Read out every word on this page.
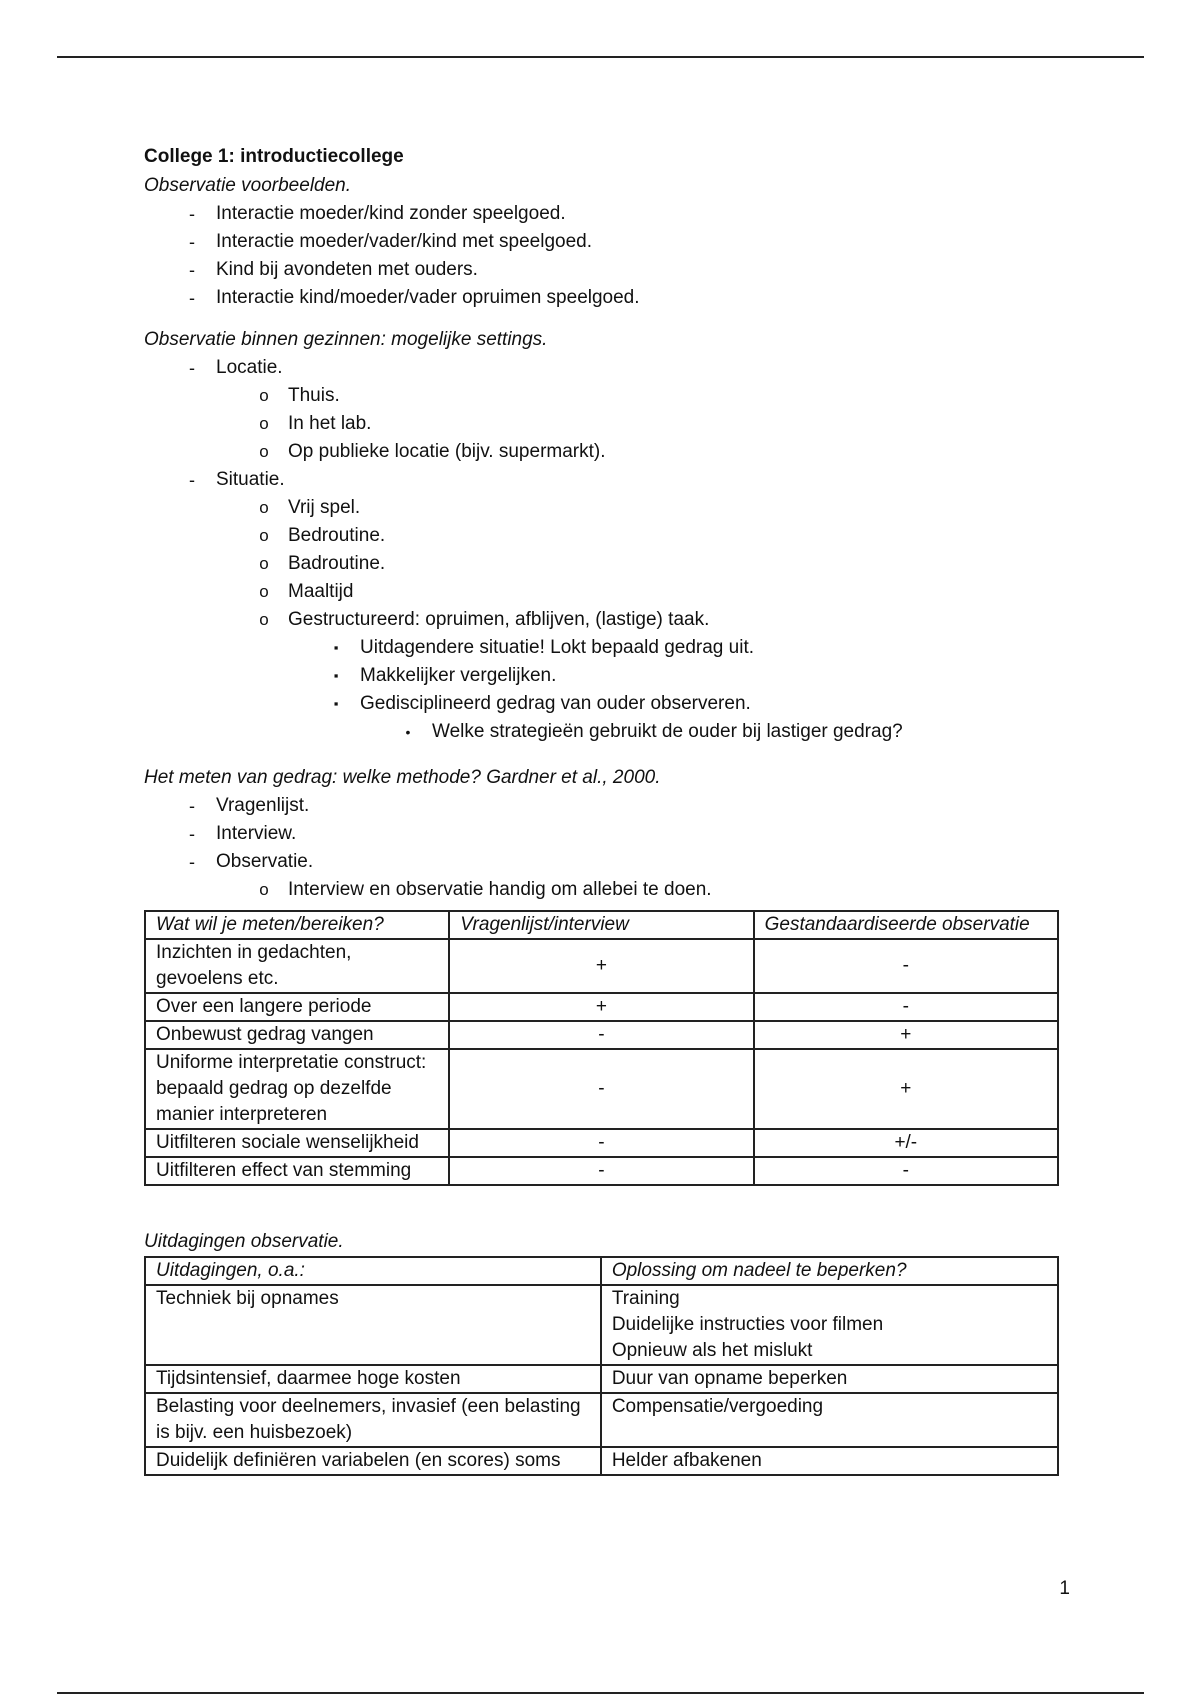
College 1: introductiecollege
Observatie voorbeelden.
-	Interactie moeder/kind zonder speelgoed.
-	Interactie moeder/vader/kind met speelgoed.
-	Kind bij avondeten met ouders.
-	Interactie kind/moeder/vader opruimen speelgoed.
Observatie binnen gezinnen: mogelijke settings.
-	Locatie.
o	Thuis.
o	In het lab.
o	Op publieke locatie (bijv. supermarkt).
-	Situatie.
o	Vrij spel.
o	Bedroutine.
o	Badroutine.
o	Maaltijd
o	Gestructureerd: opruimen, afblijven, (lastige) taak.
▪	Uitdagendere situatie! Lokt bepaald gedrag uit.
▪	Makkelijker vergelijken.
▪	Gedisciplineerd gedrag van ouder observeren.
•	Welke strategieën gebruikt de ouder bij lastiger gedrag?
Het meten van gedrag: welke methode? Gardner et al., 2000.
-	Vragenlijst.
-	Interview.
-	Observatie.
o	Interview en observatie handig om allebei te doen.
Wat wil je meten/bereiken?	Vragenlijst/interview	Gestandaardiseerde observatie
Inzichten in gedachten, gevoelens etc.	+	-
Over een langere periode	+	-
Onbewust gedrag vangen	-	+
Uniforme interpretatie construct: bepaald gedrag op dezelfde manier interpreteren	-	+
Uitfilteren sociale wenselijkheid	-	+/-
Uitfilteren effect van stemming	-	-
Uitdagingen observatie.
Uitdagingen, o.a.:	Oplossing om nadeel te beperken?
Techniek bij opnames	Training
Duidelijke instructies voor filmen
Opnieuw als het mislukt

Tijdsintensief, daarmee hoge kosten	Duur van opname beperken
Belasting voor deelnemers, invasief (een belasting is bijv. een huisbezoek)	Compensatie/vergoeding
Duidelijk definiëren variabelen (en scores) soms	Helder afbakenen
1
